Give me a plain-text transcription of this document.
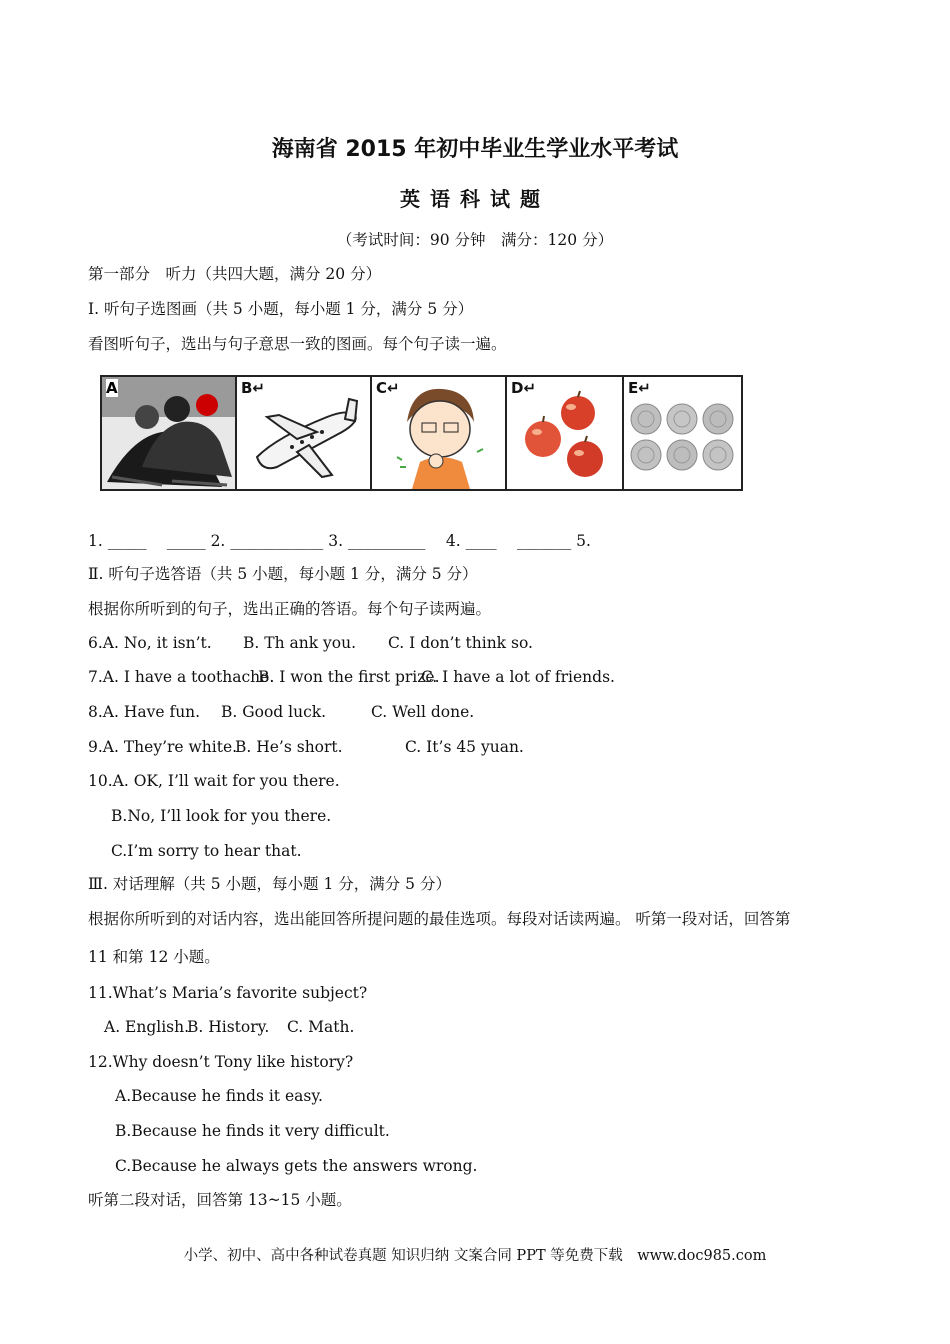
海南省 2015 年初中毕业生学业水平考试
英语科试题
（考试时间：90 分钟　满分：120 分）
第一部分　听力（共四大题，满分 20 分）
I. 听句子选图画（共 5 小题，每小题 1 分，满分 5 分）
看图听句子，选出与句子意思一致的图画。每个句子读一遍。
A	B↵	C↵	D↵	E↵
1. _____　 _____ 2. ____________ 3. __________　 4. ____　 _______ 5.
Ⅱ. 听句子选答语（共 5 小题，每小题 1 分，满分 5 分）
根据你所听到的句子，选出正确的答语。每个句子读两遍。
6.A. No, it isn’t. B. Th ank you. C. I don’t think so.
7.A. I have a toothache.
B. I won the first prize.
C. I have a lot of friends.
8.A. Have fun. B. Good luck.	C. Well done.
9.A. They’re white.
B. He’s short.	C. It’s 45 yuan.
10.A. OK, I’ll wait for you there.
B.No, I’ll look for you there.
C.I’m sorry to hear that.
Ⅲ. 对话理解（共 5 小题，每小题 1 分，满分 5 分）
根据你所听到的对话内容，选出能回答所提问题的最佳选项。每段对话读两遍。 听第一段对话，回答第
11 和第 12 小题。
11.What’s Maria’s favorite subject?
A. English.
B. History. C. Math.
12.Why doesn’t Tony like history?
A.Because he finds it easy.
B.Because he finds it very difficult.
C.Because he always gets the answers wrong.
听第二段对话，回答第 13~15 小题。
小学、初中、高中各种试卷真题 知识归纳 文案合同 PPT 等免费下载　www.doc985.com
